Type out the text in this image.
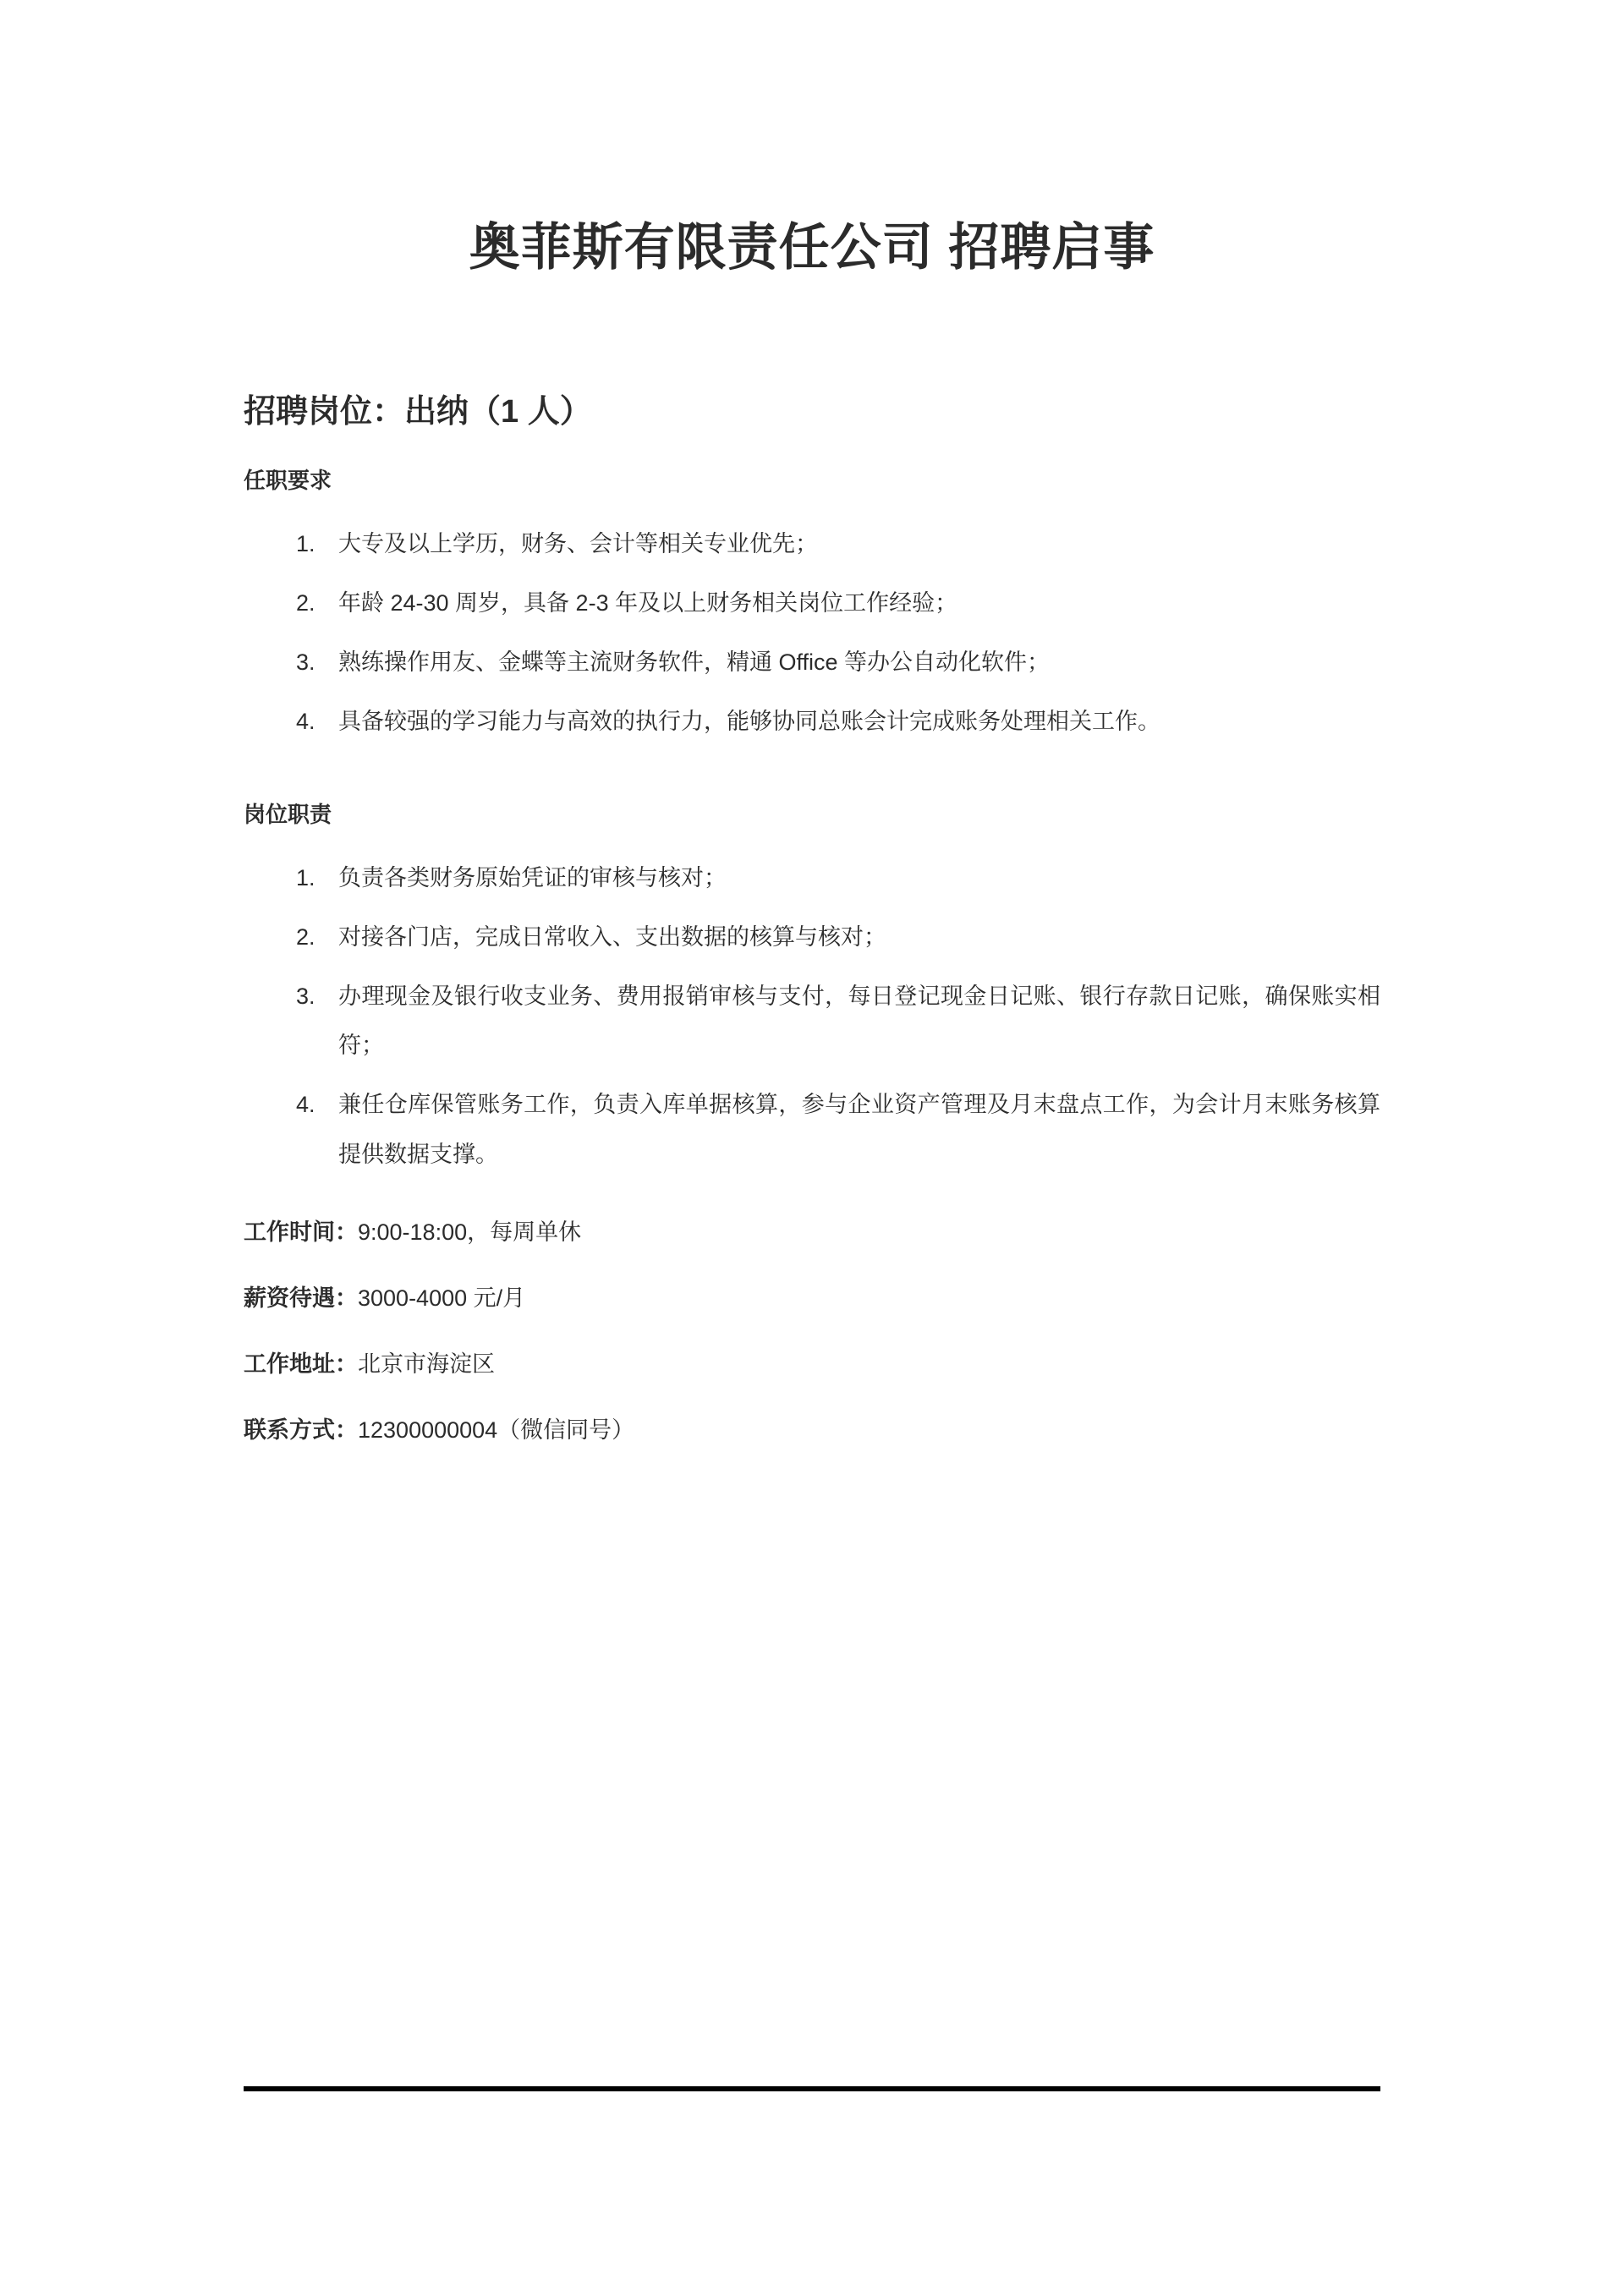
奥菲斯有限责任公司 招聘启事
招聘岗位：出纳（1 人）
任职要求
1.	大专及以上学历，财务、会计等相关专业优先；
2.	年龄 24-30 周岁，具备 2-3 年及以上财务相关岗位工作经验；
3.	熟练操作用友、金蝶等主流财务软件，精通 Office 等办公自动化软件；
4.	具备较强的学习能力与高效的执行力，能够协同总账会计完成账务处理相关工作。
岗位职责
1.	负责各类财务原始凭证的审核与核对；
2.	对接各门店，完成日常收入、支出数据的核算与核对；
3.	办理现金及银行收支业务、费用报销审核与支付，每日登记现金日记账、银行存款日记账，确保账实相符；
4.	兼任仓库保管账务工作，负责入库单据核算，参与企业资产管理及月末盘点工作，为会计月末账务核算提供数据支撑。

工作时间：9:00-18:00，每周单休

薪资待遇：3000-4000 元/月

工作地址：北京市海淀区

联系方式：12300000004（微信同号）
